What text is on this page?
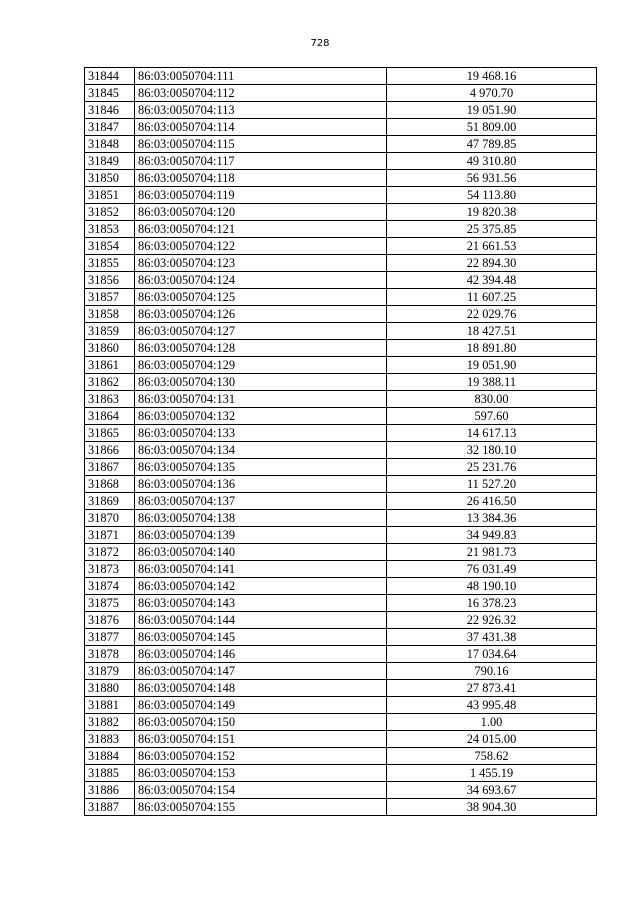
728
31844	86:03:0050704:111	19 468.16
31845	86:03:0050704:112	4 970.70
31846	86:03:0050704:113	19 051.90
31847	86:03:0050704:114	51 809.00
31848	86:03:0050704:115	47 789.85
31849	86:03:0050704:117	49 310.80
31850	86:03:0050704:118	56 931.56
31851	86:03:0050704:119	54 113.80
31852	86:03:0050704:120	19 820.38
31853	86:03:0050704:121	25 375.85
31854	86:03:0050704:122	21 661.53
31855	86:03:0050704:123	22 894.30
31856	86:03:0050704:124	42 394.48
31857	86:03:0050704:125	11 607.25
31858	86:03:0050704:126	22 029.76
31859	86:03:0050704:127	18 427.51
31860	86:03:0050704:128	18 891.80
31861	86:03:0050704:129	19 051.90
31862	86:03:0050704:130	19 388.11
31863	86:03:0050704:131	830.00
31864	86:03:0050704:132	597.60
31865	86:03:0050704:133	14 617.13
31866	86:03:0050704:134	32 180.10
31867	86:03:0050704:135	25 231.76
31868	86:03:0050704:136	11 527.20
31869	86:03:0050704:137	26 416.50
31870	86:03:0050704:138	13 384.36
31871	86:03:0050704:139	34 949.83
31872	86:03:0050704:140	21 981.73
31873	86:03:0050704:141	76 031.49
31874	86:03:0050704:142	48 190.10
31875	86:03:0050704:143	16 378.23
31876	86:03:0050704:144	22 926.32
31877	86:03:0050704:145	37 431.38
31878	86:03:0050704:146	17 034.64
31879	86:03:0050704:147	790.16
31880	86:03:0050704:148	27 873.41
31881	86:03:0050704:149	43 995.48
31882	86:03:0050704:150	1.00
31883	86:03:0050704:151	24 015.00
31884	86:03:0050704:152	758.62
31885	86:03:0050704:153	1 455.19
31886	86:03:0050704:154	34 693.67
31887	86:03:0050704:155	38 904.30
